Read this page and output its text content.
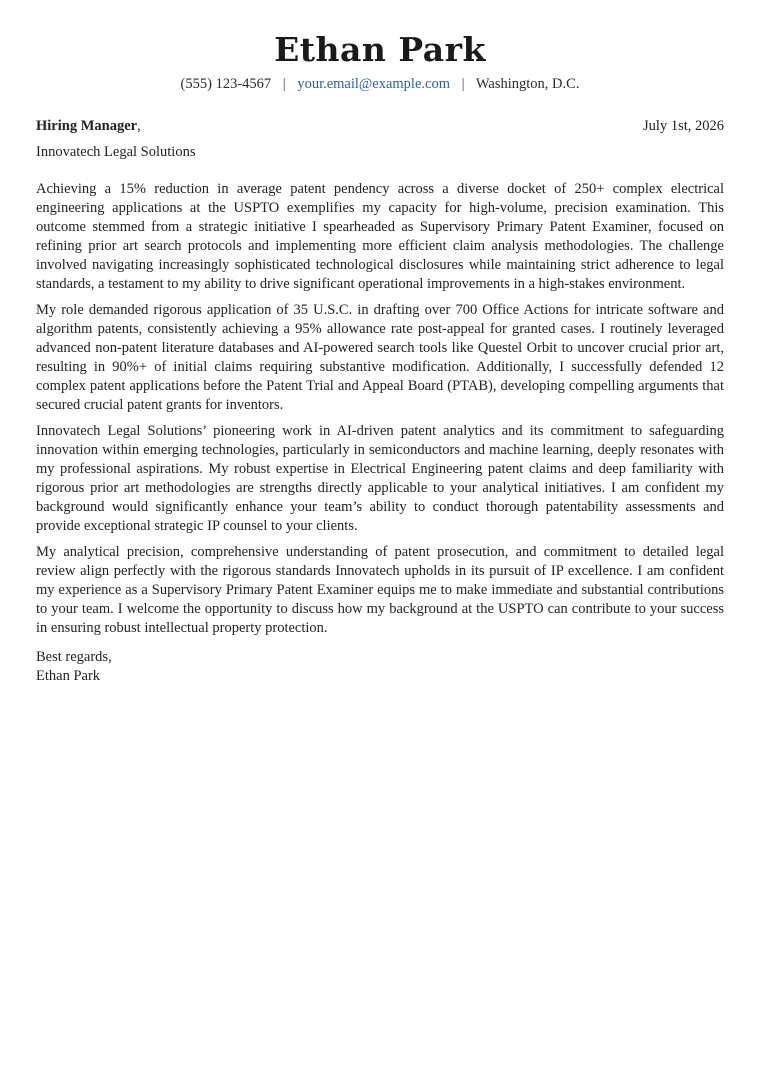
Ethan Park
(555) 123-4567 | your.email@example.com | Washington, D.C.
Hiring Manager,	July 1st, 2026
Innovatech Legal Solutions

Achieving a 15% reduction in average patent pendency across a diverse docket of 250+ complex electrical engineering applications at the USPTO exemplifies my capacity for high-volume, precision examination. This outcome stemmed from a strategic initiative I spearheaded as Supervisory Primary Patent Examiner, focused on refining prior art search protocols and implementing more efficient claim analysis methodologies. The challenge involved navigating increasingly sophisticated technological disclosures while maintaining strict adherence to legal standards, a testament to my ability to drive significant operational improvements in a high-stakes environment.

My role demanded rigorous application of 35 U.S.C. in drafting over 700 Office Actions for intricate software and algorithm patents, consistently achieving a 95% allowance rate post-appeal for granted cases. I routinely leveraged advanced non-patent literature databases and AI-powered search tools like Questel Orbit to uncover crucial prior art, resulting in 90%+ of initial claims requiring substantive modification. Additionally, I successfully defended 12 complex patent applications before the Patent Trial and Appeal Board (PTAB), developing compelling arguments that secured crucial patent grants for inventors.

Innovatech Legal Solutions’ pioneering work in AI-driven patent analytics and its commitment to safeguarding innovation within emerging technologies, particularly in semiconductors and machine learning, deeply resonates with my professional aspirations. My robust expertise in Electrical Engineering patent claims and deep familiarity with rigorous prior art methodologies are strengths directly applicable to your analytical initiatives. I am confident my background would significantly enhance your team’s ability to conduct thorough patentability assessments and provide exceptional strategic IP counsel to your clients.

My analytical precision, comprehensive understanding of patent prosecution, and commitment to detailed legal review align perfectly with the rigorous standards Innovatech upholds in its pursuit of IP excellence. I am confident my experience as a Supervisory Primary Patent Examiner equips me to make immediate and substantial contributions to your team. I welcome the opportunity to discuss how my background at the USPTO can contribute to your success in ensuring robust intellectual property protection.

Best regards,
Ethan Park
